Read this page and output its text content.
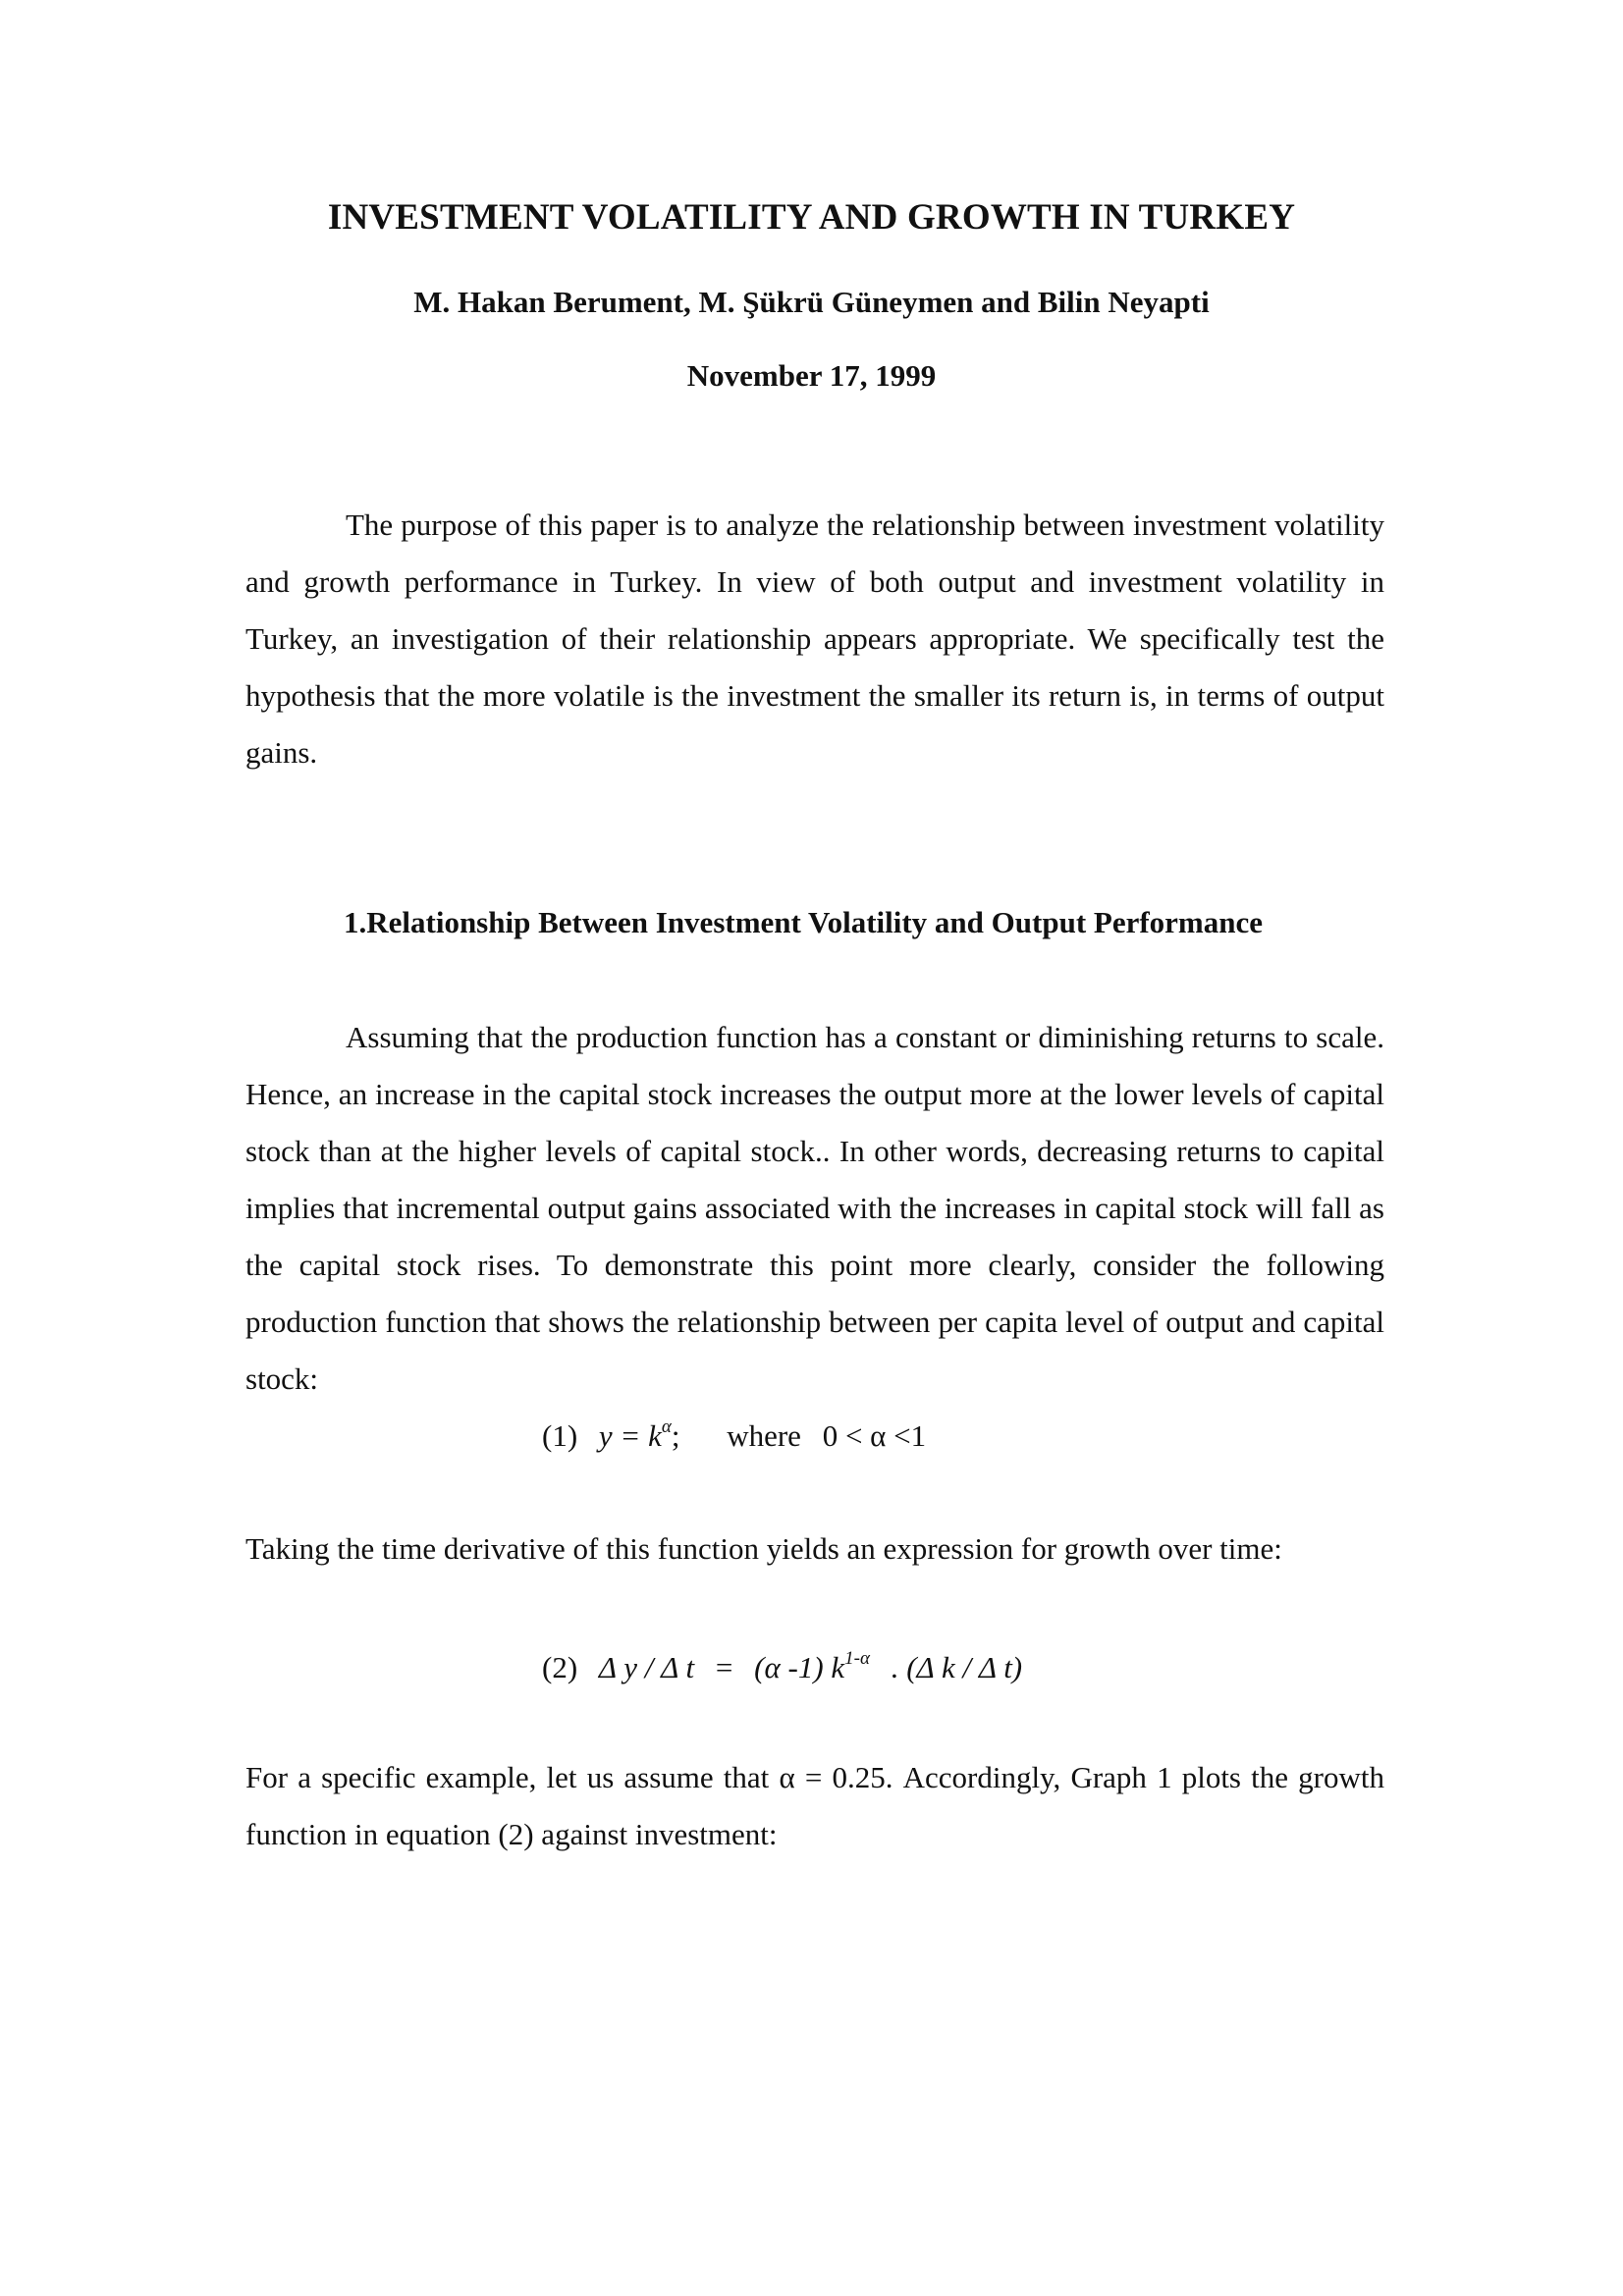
INVESTMENT VOLATILITY AND GROWTH IN TURKEY
M. Hakan Berument, M. Şükrü Güneymen and Bilin Neyapti
November 17, 1999

The purpose of this paper is to analyze the relationship between investment volatility and growth performance in Turkey. In view of both output and investment volatility in Turkey, an investigation of their relationship appears appropriate. We specifically test the hypothesis that the more volatile is the investment the smaller its return is, in terms of output gains.

1.Relationship Between Investment Volatility and Output Performance

Assuming that the production function has a constant or diminishing returns to scale. Hence, an increase in the capital stock increases the output more at the lower levels of capital stock than at the higher levels of capital stock.. In other words, decreasing returns to capital implies that incremental output gains associated with the increases in capital stock will fall as the capital stock rises. To demonstrate this point more clearly, consider the following production function that shows the relationship between per capita level of output and capital stock:

(1) $y = k^\alpha$; where 0 < α <1

Taking the time derivative of this function yields an expression for growth over time:

(2) Δ y / Δ t = (α -1) $k^{1-\alpha}$ . (Δ k / Δ t)

For a specific example, let us assume that α = 0.25. Accordingly, Graph 1 plots the growth function in equation (2) against investment:
